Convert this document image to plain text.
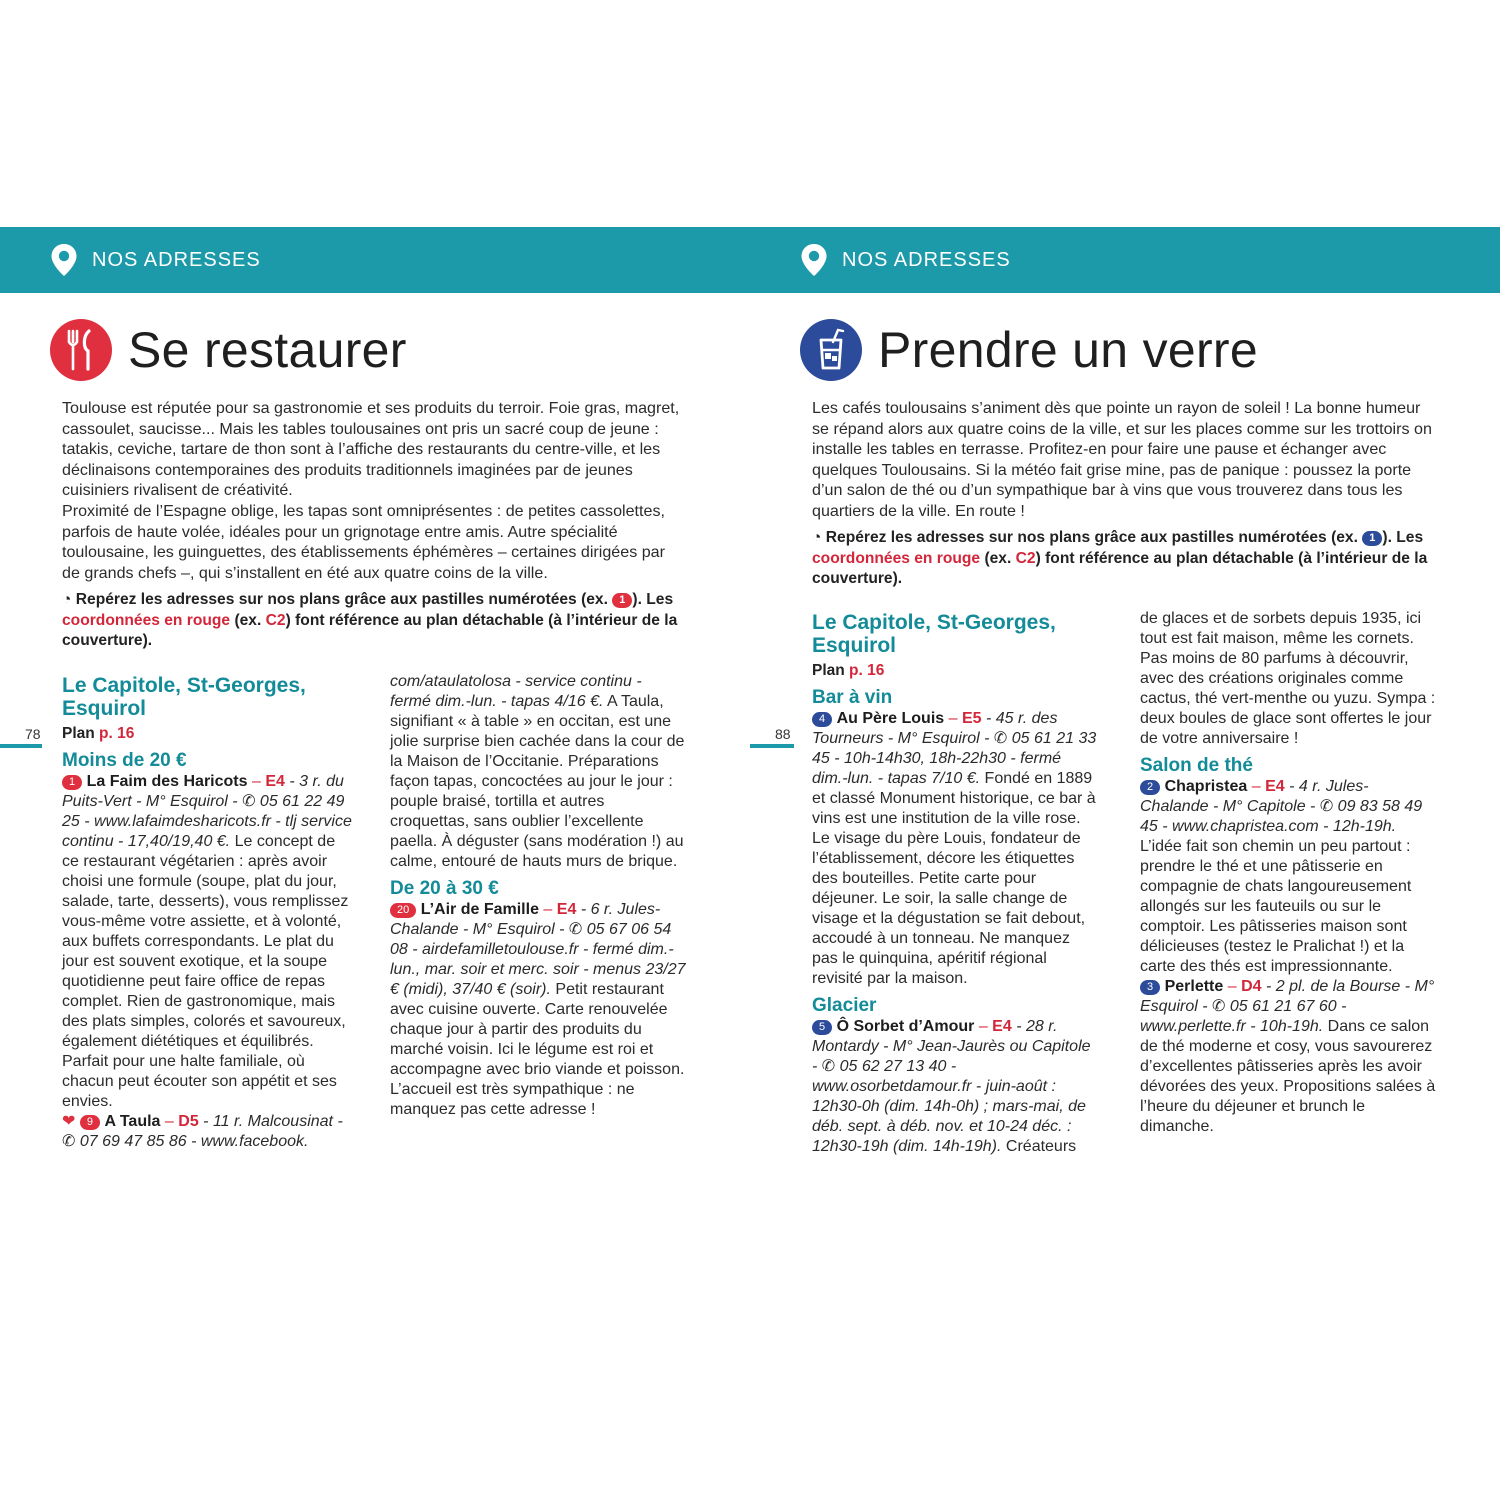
NOS ADRESSES	NOS ADRESSES
Se restaurer

Toulouse est réputée pour sa gastronomie et ses produits du terroir. Foie gras, magret, cassoulet, saucisse... Mais les tables toulousaines ont pris un sacré coup de jeune : tatakis, ceviche, tartare de thon sont à l’affiche des restaurants du centre-ville, et les déclinaisons contemporaines des produits traditionnels imaginées par de jeunes cuisiniers rivalisent de créativité.

Proximité de l’Espagne oblige, les tapas sont omniprésentes : de petites cassolettes, parfois de haute volée, idéales pour un grignotage entre amis. Autre spécialité toulousaine, les guinguettes, des établissements éphémères – certaines dirigées par de grands chefs –, qui s’installent en été aux quatre coins de la ville.

◔ Repérez les adresses sur nos plans grâce aux pastilles numérotées (ex. 1 ). Les coordonnées en rouge (ex. C2) font référence au plan détachable (à l’intérieur de la couverture).
78

Le Capitole, St-Georges, Esquirol

Plan p. 16

Moins de 20 €

1 La Faim des Haricots – E4 - 3 r. du Puits-Vert - M° Esquirol - ✆ 05 61 22 49 25 - www.lafaimdesharicots.fr - tlj service continu - 17,40/19,40 €. Le concept de ce restaurant végétarien : après avoir choisi une formule (soupe, plat du jour, salade, tarte, desserts), vous remplissez vous-même votre assiette, et à volonté, aux buffets correspondants. Le plat du jour est souvent exotique, et la soupe quotidienne peut faire office de repas complet. Rien de gastronomique, mais des plats simples, colorés et savoureux, également diététiques et équilibrés. Parfait pour une halte familiale, où chacun peut écouter son appétit et ses envies.

❤ 9 A Taula – D5 - 11 r. Malcousinat - ✆ 07 69 47 85 86 - www.facebook.

com/ataulatolosa - service continu - fermé dim.-lun. - tapas 4/16 €. A Taula, signifiant « à table » en occitan, est une jolie surprise bien cachée dans la cour de la Maison de l’Occitanie. Préparations façon tapas, concoctées au jour le jour : pouple braisé, tortilla et autres croquettas, sans oublier l’excellente paella. À déguster (sans modération !) au calme, entouré de hauts murs de brique.

De 20 à 30 €

20 L’Air de Famille – E4 - 6 r. Jules-Chalande - M° Esquirol - ✆ 05 67 06 54 08 - airdefamilletoulouse.fr - fermé dim.-lun., mar. soir et merc. soir - menus 23/27 € (midi), 37/40 € (soir). Petit restaurant avec cuisine ouverte. Carte renouvelée chaque jour à partir des produits du marché voisin. Ici le légume est roi et accompagne avec brio viande et poisson. L’accueil est très sympathique : ne manquez pas cette adresse !

Prendre un verre

Les cafés toulousains s’animent dès que pointe un rayon de soleil ! La bonne humeur se répand alors aux quatre coins de la ville, et sur les places comme sur les trottoirs on installe les tables en terrasse. Profitez-en pour faire une pause et échanger avec quelques Toulousains. Si la météo fait grise mine, pas de panique : poussez la porte d’un salon de thé ou d’un sympathique bar à vins que vous trouverez dans tous les quartiers de la ville. En route !

◔ Repérez les adresses sur nos plans grâce aux pastilles numérotées (ex. 1 ). Les coordonnées en rouge (ex. C2) font référence au plan détachable (à l’intérieur de la couverture).
88

Le Capitole, St-Georges, Esquirol

Plan p. 16

Bar à vin

4 Au Père Louis – E5 - 45 r. des Tourneurs - M° Esquirol - ✆ 05 61 21 33 45 - 10h-14h30, 18h-22h30 - fermé dim.-lun. - tapas 7/10 €. Fondé en 1889 et classé Monument historique, ce bar à vins est une institution de la ville rose. Le visage du père Louis, fondateur de l’établissement, décore les étiquettes des bouteilles. Petite carte pour déjeuner. Le soir, la salle change de visage et la dégustation se fait debout, accoudé à un tonneau. Ne manquez pas le quinquina, apéritif régional revisité par la maison.

Glacier

5 Ô Sorbet d’Amour – E4 - 28 r. Montardy - M° Jean-Jaurès ou Capitole - ✆ 05 62 27 13 40 - www.osorbetdamour.fr - juin-août : 12h30-0h (dim. 14h-0h) ; mars-mai, de déb. sept. à déb. nov. et 10-24 déc. : 12h30-19h (dim. 14h-19h). Créateurs

de glaces et de sorbets depuis 1935, ici tout est fait maison, même les cornets. Pas moins de 80 parfums à découvrir, avec des créations originales comme cactus, thé vert-menthe ou yuzu. Sympa : deux boules de glace sont offertes le jour de votre anniversaire !

Salon de thé

2 Chapristea – E4 - 4 r. Jules-Chalande - M° Capitole - ✆ 09 83 58 49 45 - www.chapristea.com - 12h-19h. L’idée fait son chemin un peu partout : prendre le thé et une pâtisserie en compagnie de chats langoureusement allongés sur les fauteuils ou sur le comptoir. Les pâtisseries maison sont délicieuses (testez le Pralichat !) et la carte des thés est impressionnante.

3 Perlette – D4 - 2 pl. de la Bourse - M° Esquirol - ✆ 05 61 21 67 60 - www.perlette.fr - 10h-19h. Dans ce salon de thé moderne et cosy, vous savourerez d’excellentes pâtisseries après les avoir dévorées des yeux. Propositions salées à l’heure du déjeuner et brunch le dimanche.
